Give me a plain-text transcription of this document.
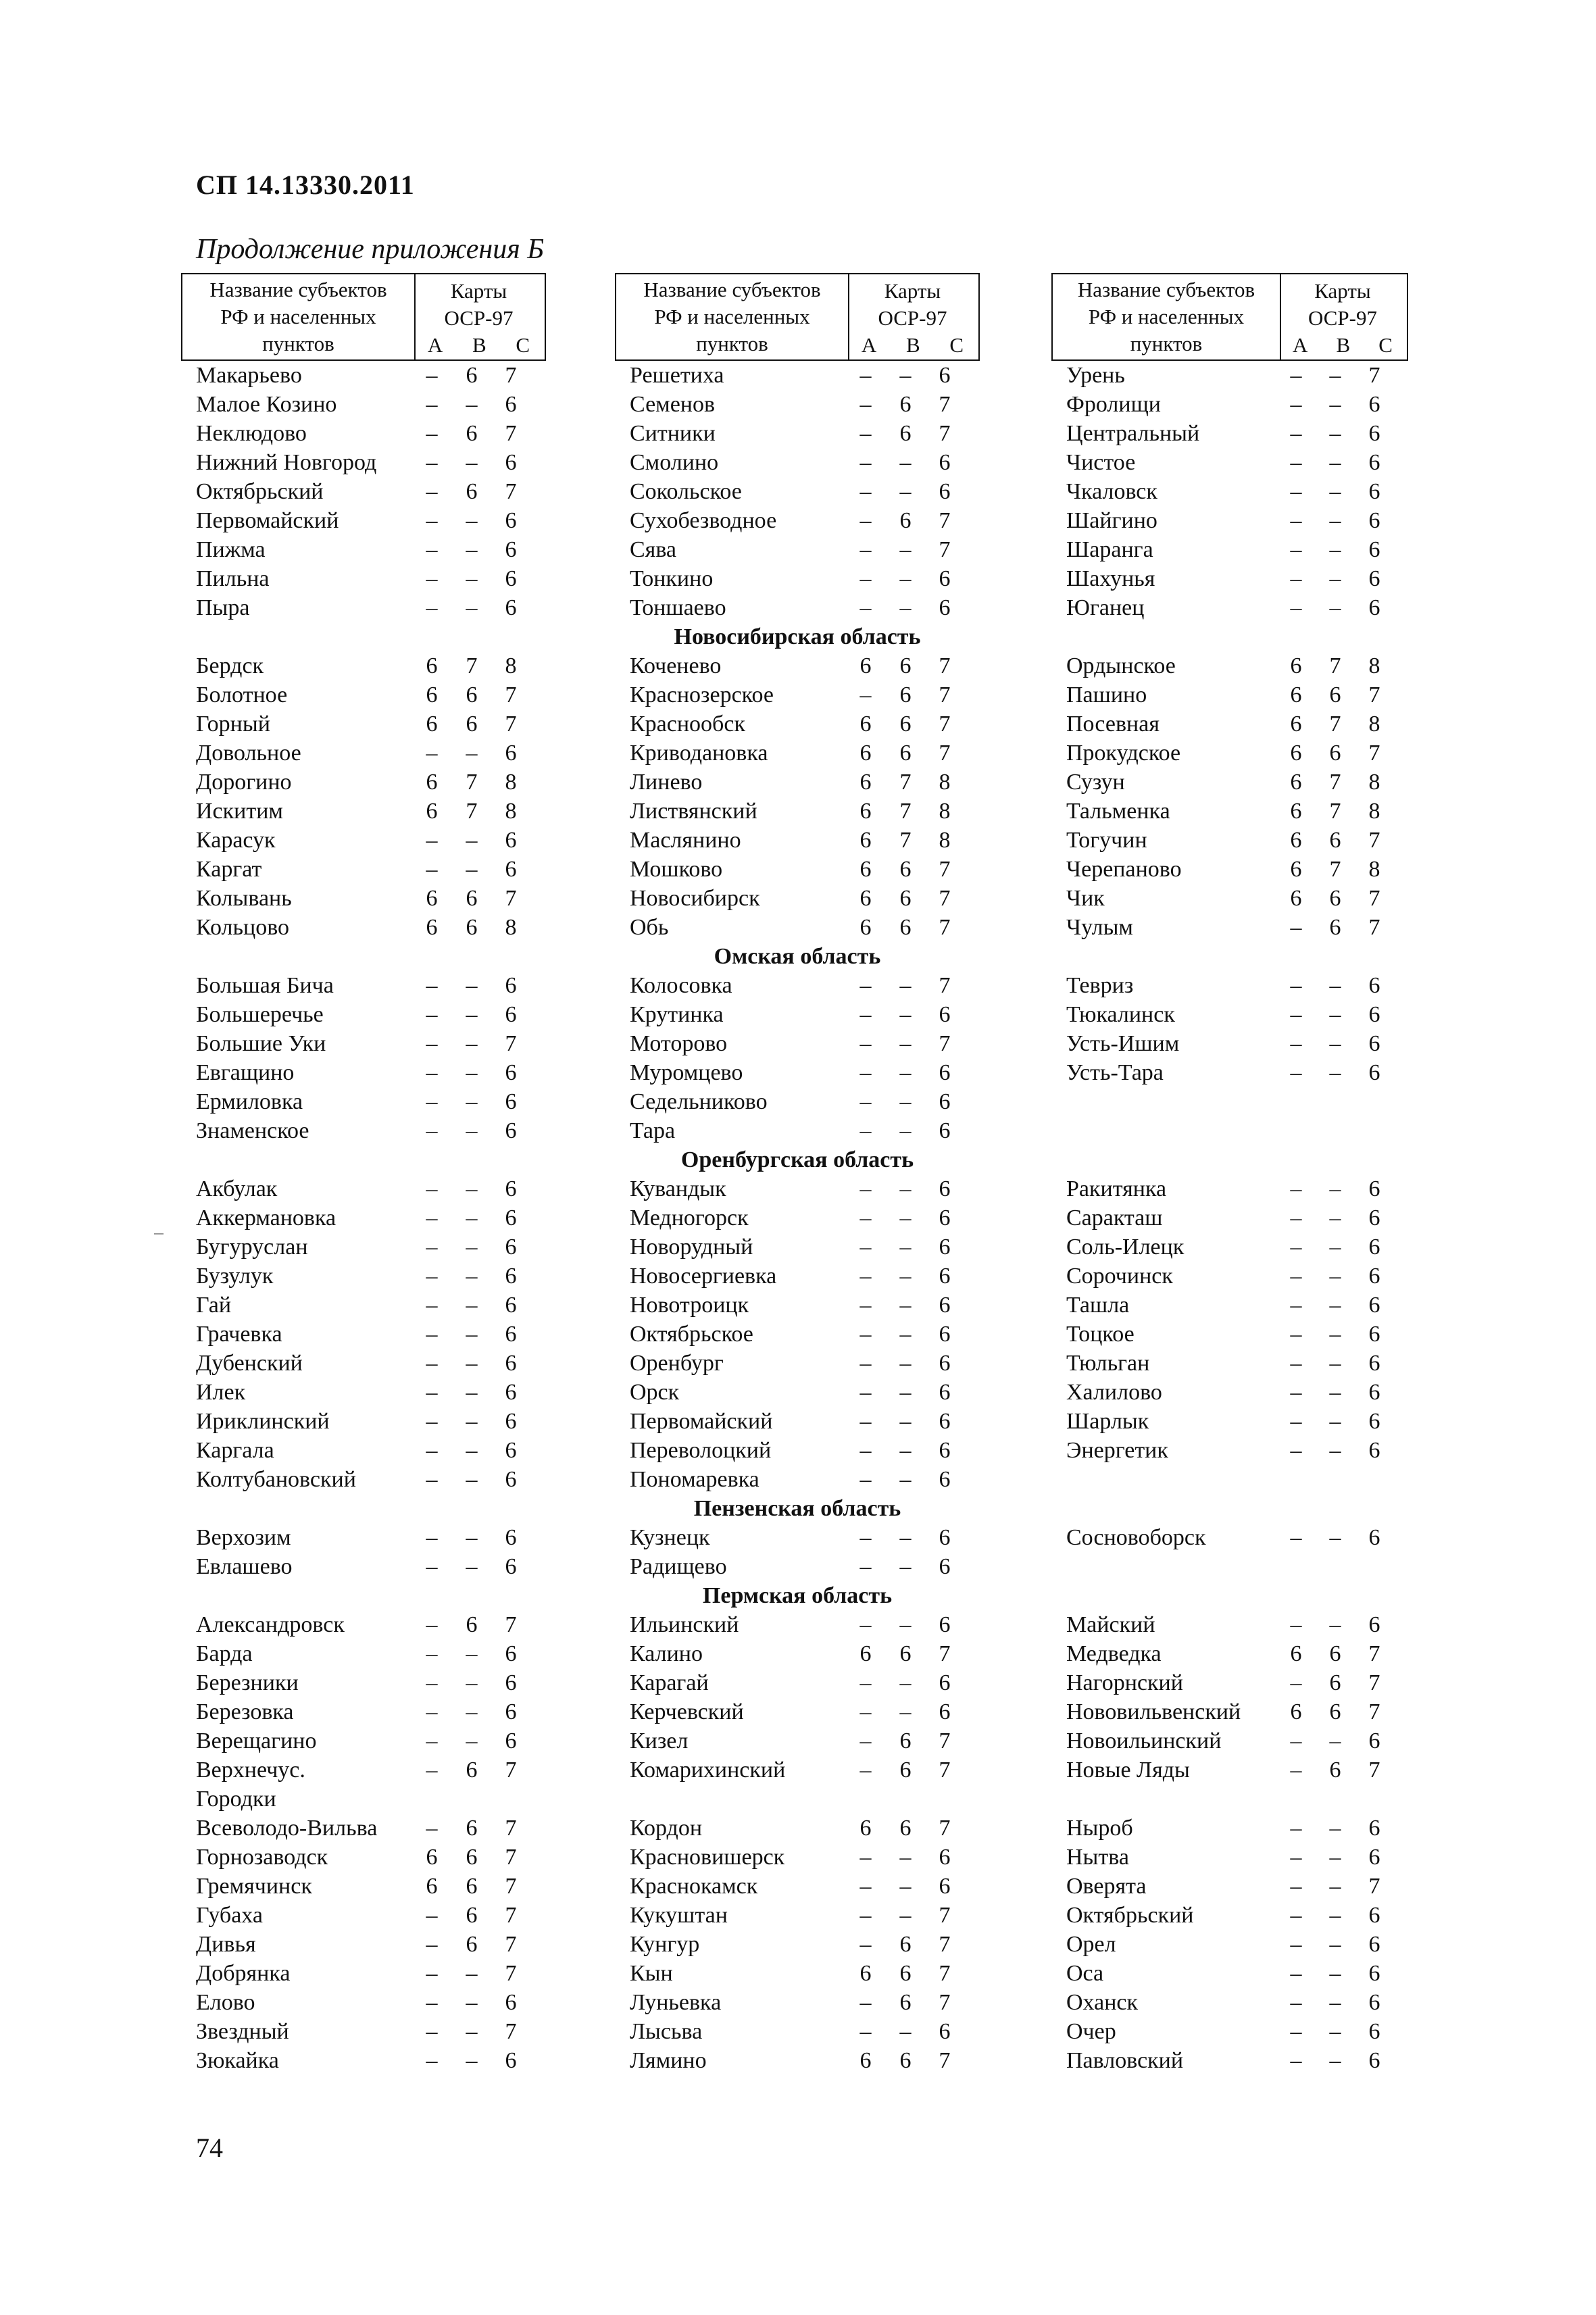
СП 14.13330.2011
Продолжение приложения Б
Название субъектов
РФ и населенных
пунктов
Карты
ОСР-97
А В С
Макарьево	– 6 7
Малое Козино	– – 6
Неклюдово	– 6 7
Нижний Новгород – – 6
Октябрьский	– 6 7
Первомайский	– – 6
Пижма	– – 6
Пильна	– – 6
Пыра	– – 6
Бердск	6 7 8
Болотное	6 6 7
Горный	6 6 7
Довольное	– – 6
Дорогино	6 7 8
Искитим	6 7 8
Карасук	– – 6
Каргат	– – 6
Колывань	6 6 7
Кольцово	6 6 8
Большая Бича	– – 6
Большеречье	– – 6
Большие Уки	– – 7
Евгащино	– – 6
Ермиловка	– – 6
Знаменское	– – 6
Акбулак	– – 6
Аккермановка	– – 6
Бугуруслан	– – 6
Бузулук	– – 6
Гай	– – 6
Грачевка	– – 6
Дубенский	– – 6
Илек	– – 6
Ириклинский	– – 6
Каргала	– – 6
Колтубановский	– – 6
Верхозим	– – 6
Евлашево	– – 6
Александровск	– 6 7
Барда	– – 6
Березники	– – 6
Березовка	– – 6
Верещагино	– – 6
Верхнечус.	– 6 7
Городки
Всеволодо-Вильва – 6 7
Горнозаводск	6 6 7
Гремячинск	6 6 7
Губаха	– 6 7
Дивья	– 6 7
Добрянка	– – 7
Елово	– – 6
Звездный	– – 7
Зюкайка	– – 6
Название субъектов
РФ и населенных
пунктов
Карты
ОСР-97
А В С
Решетиха	– – 6
Семенов	– 6 7
Ситники	– 6 7
Смолино	– – 6
Сокольское	– – 6
Сухобезводное	– 6 7
Сява	– – 7
Тонкино	– – 6
Тоншаево	– – 6
Новосибирская область
Коченево	6 6 7
Краснозерское	– 6 7
Краснообск	6 6 7
Криводановка	6 6 7
Линево	6 7 8
Листвянский	6 7 8
Маслянино	6 7 8
Мошково	6 6 7
Новосибирск	6 6 7
Обь	6 6 7
Омская область
Колосовка	– – 7
Крутинка	– – 6
Моторово	– – 7
Муромцево	– – 6
Седельниково	– – 6
Тара	– – 6
Оренбургская область
Кувандык	– – 6
Медногорск	– – 6
Новорудный	– – 6
Новосергиевка	– – 6
Новотроицк	– – 6
Октябрьское	– – 6
Оренбург	– – 6
Орск	– – 6
Первомайский	– – 6
Переволоцкий	– – 6
Пономаревка	– – 6
Пензенская область
Кузнецк	– – 6
Радищево	– – 6
Пермская область
Ильинский	– – 6
Калино	6 6 7
Карагай	– – 6
Керчевский	– – 6
Кизел	– 6 7
Комарихинский	– 6 7
Кордон	6 6 7
Красновишерск	– – 6
Краснокамск	– – 6
Кукуштан	– – 7
Кунгур	– 6 7
Кын	6 6 7
Луньевка	– 6 7
Лысьва	– – 6
Лямино	6 6 7
Название субъектов
РФ и населенных
пунктов
Карты
ОСР-97
А В С
Урень	– – 7
Фролищи	– – 6
Центральный	– – 6
Чистое	– – 6
Чкаловск	– – 6
Шайгино	– – 6
Шаранга	– – 6
Шахунья	– – 6
Юганец	– – 6
Ордынское	6 7 8
Пашино	6 6 7
Посевная	6 7 8
Прокудское	6 6 7
Сузун	6 7 8
Тальменка	6 7 8
Тогучин	6 6 7
Черепаново	6 7 8
Чик	6 6 7
Чулым	– 6 7
Тевриз	– – 6
Тюкалинск	– – 6
Усть-Ишим	– – 6
Усть-Тара	– – 6
Ракитянка	– – 6
Саракташ	– – 6
Соль-Илецк	– – 6
Сорочинск	– – 6
Ташла	– – 6
Тоцкое	– – 6
Тюльган	– – 6
Халилово	– – 6
Шарлык	– – 6
Энергетик	– – 6
Сосновоборск	– – 6
Майский	– – 6
Медведка	6 6 7
Нагорнский	– 6 7
Нововильвенский 6 6 7
Новоильинский	– – 6
Новые Ляды	– 6 7
Ныроб	– – 6
Нытва	– – 6
Оверята	– – 7
Октябрьский	– – 6
Орел	– – 6
Оса	– – 6
Оханск	– – 6
Очер	– – 6
Павловский	– – 6
74
